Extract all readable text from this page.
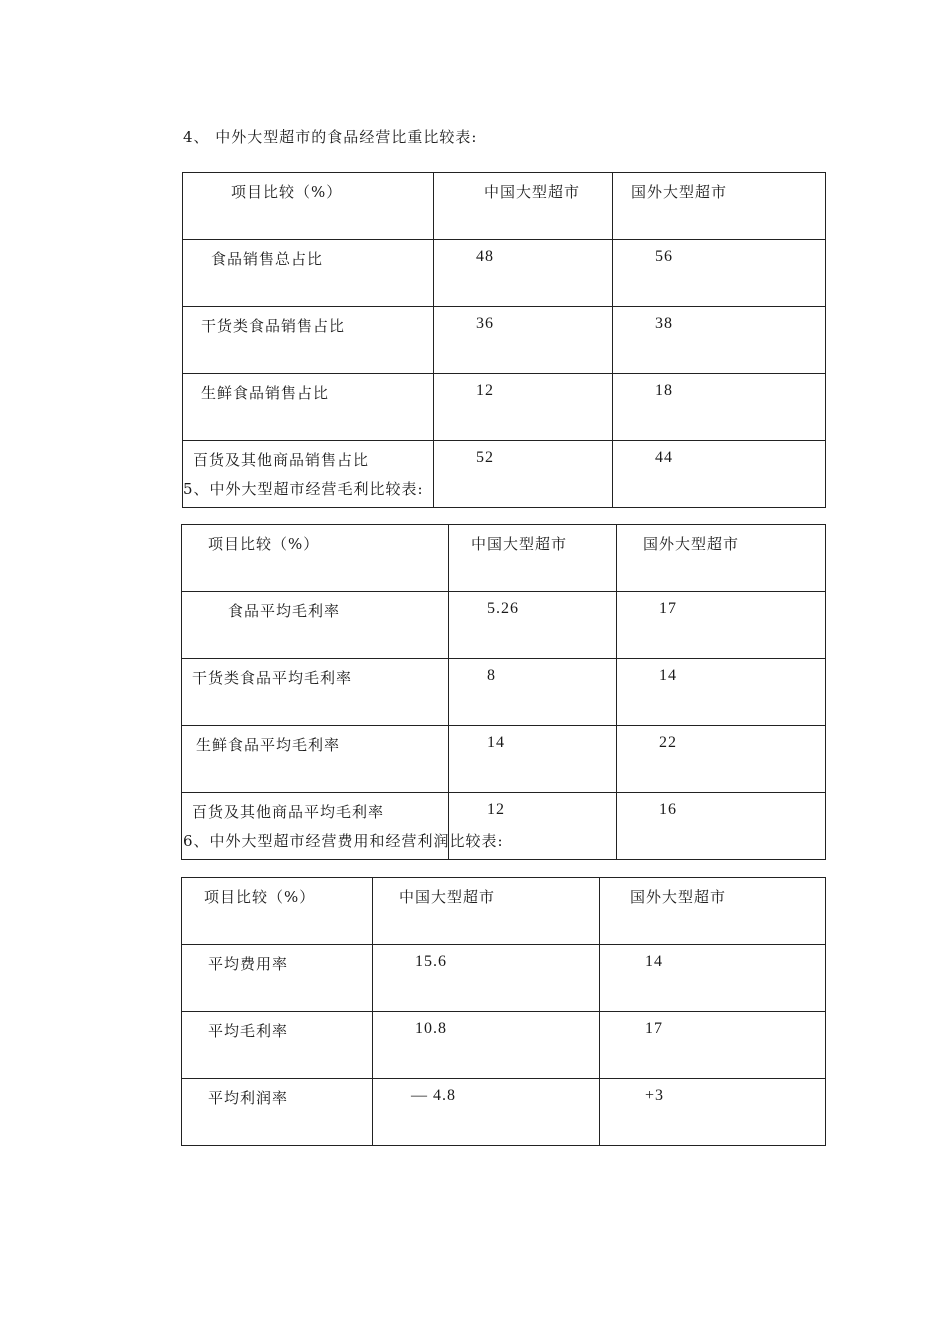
4、 中外大型超市的食品经营比重比较表:
项目比较（%）	中国大型超市	国外大型超市
食品销售总占比	48	56
干货类食品销售占比	36	38
生鲜食品销售占比	12	18
百货及其他商品销售占比	52	44
5、中外大型超市经营毛利比较表:
项目比较（%）	中国大型超市	国外大型超市
食品平均毛利率	5.26	17
干货类食品平均毛利率	8	14
生鲜食品平均毛利率	14	22
百货及其他商品平均毛利率	12	16
6、中外大型超市经营费用和经营利润比较表:
项目比较（%）	中国大型超市	国外大型超市
平均费用率	15.6	14
平均毛利率	10.8	17
平均利润率	— 4.8	+3
